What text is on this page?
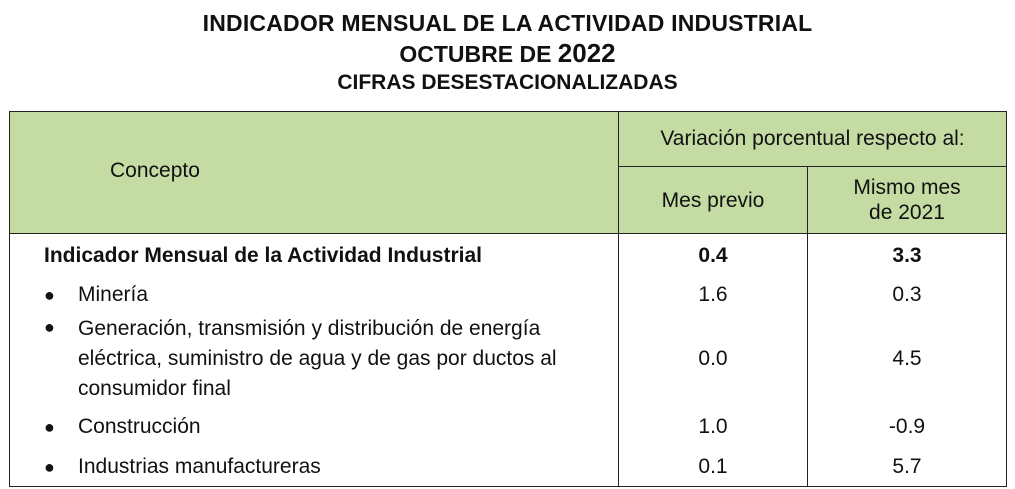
INDICADOR MENSUAL DE LA ACTIVIDAD INDUSTRIAL
OCTUBRE DE 2022
CIFRAS DESESTACIONALIZADAS
Concepto	Variación porcentual respecto al:	
	Mes previo	Mismo mes
de 2021
Indicador Mensual de la Actividad Industrial	0.4	3.3

● Minería	1.6	0.3

● Generación, transmisión y distribución de energía eléctrica, suministro de agua y de gas por ductos al consumidor final	0.0	4.5

● Construcción	1.0	-0.9

● Industrias manufactureras	0.1	5.7
